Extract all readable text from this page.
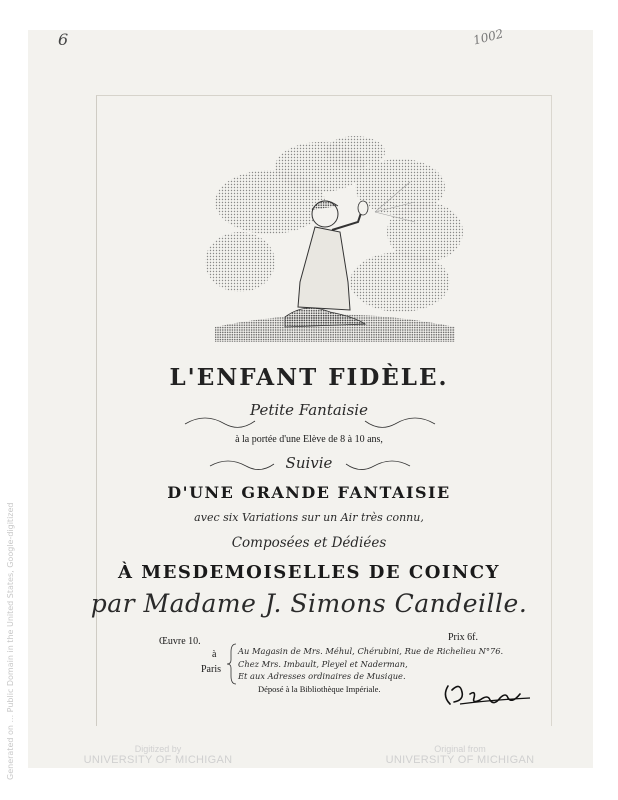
6	1002
L'ENFANT FIDÈLE.
Petite Fantaisie
à la portée d'une Elève de 8 à 10 ans,
Suivie
D'UNE GRANDE FANTAISIE
avec six Variations sur un Air très connu,
Composées et Dédiées
À MESDEMOISELLES DE COINCY
par Madame J. Simons Candeille.
Œuvre 10.	Prix 6f.
à
Paris
Au Magasin de Mrs. Méhul, Chérubini, Rue de Richelieu N°76.
Chez Mrs. Imbault, Pleyel et Naderman,
Et aux Adresses ordinaires de Musique.
Déposé à la Bibliothèque Impériale.
Generated on ... Public Domain in the United States, Google-digitized	Digitized by
UNIVERSITY OF MICHIGAN
Original from
UNIVERSITY OF MICHIGAN
